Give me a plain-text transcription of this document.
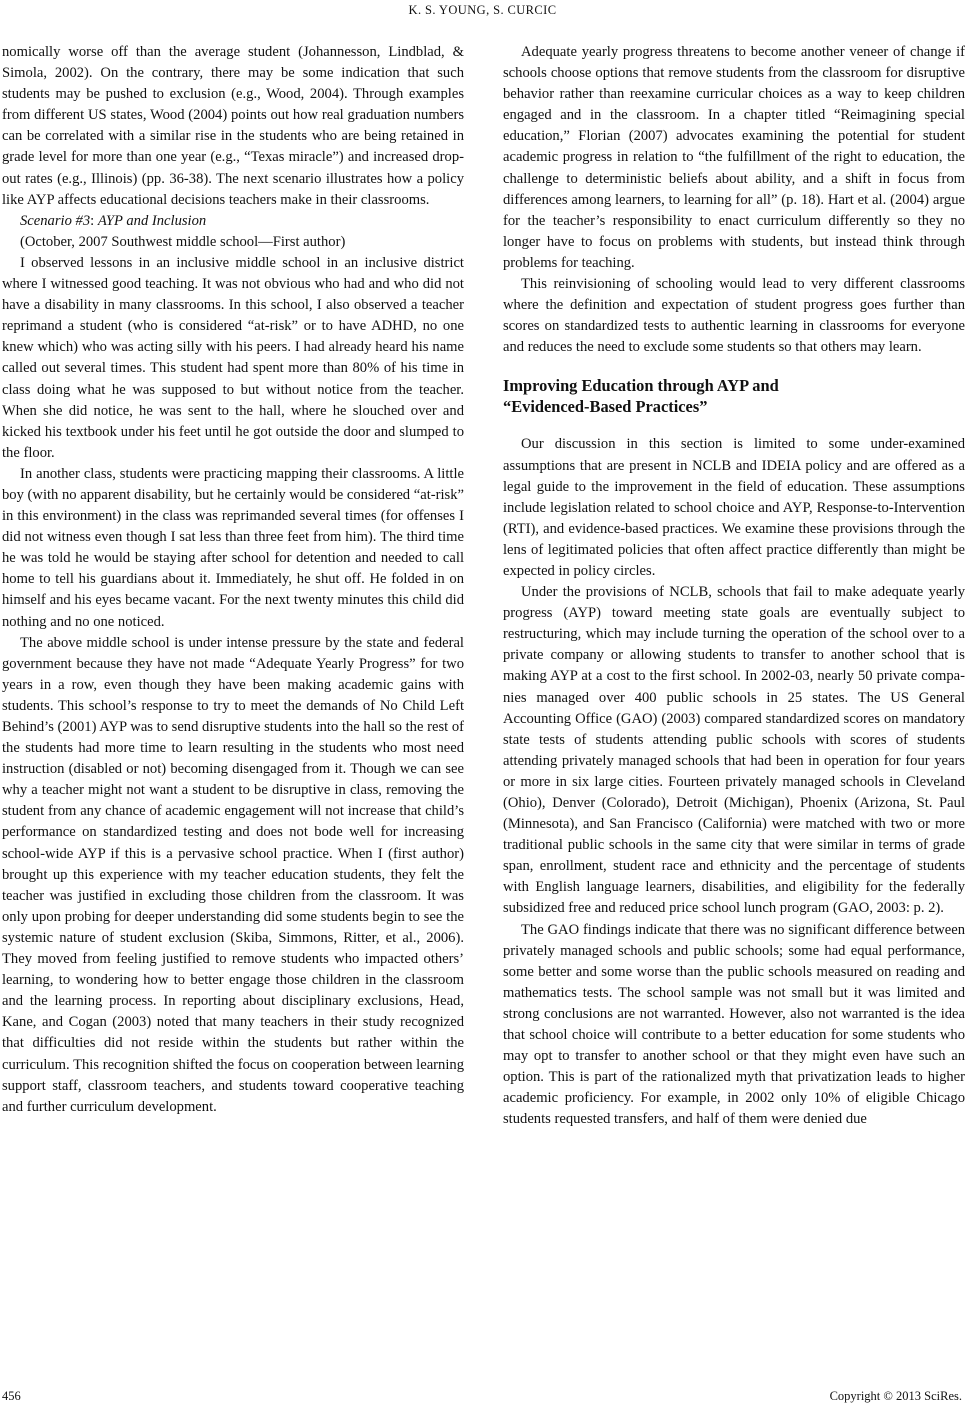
K. S. YOUNG, S. CURCIC

nomically worse off than the average student (Johannesson, Lindblad, & Simola, 2002). On the contrary, there may be some indication that such students may be pushed to exclusion (e.g., Wood, 2004). Through examples from different US states, Wood (2004) points out how real graduation numbers can be correlated with a similar rise in the students who are being retained in grade level for more than one year (e.g., “Texas miracle”) and increased drop-out rates (e.g., Illinois) (pp. 36-38). The next scenario illustrates how a policy like AYP affects educational decisions teachers make in their classrooms.

Scenario #3: AYP and Inclusion

(October, 2007 Southwest middle school—First author)

I observed lessons in an inclusive middle school in an inclusive district where I witnessed good teaching. It was not obvious who had and who did not have a disability in many classrooms. In this school, I also observed a teacher reprimand a student (who is considered “at-risk” or to have ADHD, no one knew which) who was acting silly with his peers. I had already heard his name called out several times. This student had spent more than 80% of his time in class doing what he was supposed to but without notice from the teacher. When she did notice, he was sent to the hall, where he slouched over and kicked his textbook under his feet until he got outside the door and slumped to the floor.

In another class, students were practicing mapping their classrooms. A little boy (with no apparent disability, but he certainly would be considered “at-risk” in this environment) in the class was reprimanded several times (for offenses I did not witness even though I sat less than three feet from him). The third time he was told he would be staying after school for detention and needed to call home to tell his guardians about it. Immediately, he shut off. He folded in on himself and his eyes became vacant. For the next twenty minutes this child did nothing and no one noticed.

The above middle school is under intense pressure by the state and federal government because they have not made “Adequate Yearly Progress” for two years in a row, even though they have been making academic gains with students. This school’s response to try to meet the demands of No Child Left Behind’s (2001) AYP was to send disruptive students into the hall so the rest of the students had more time to learn resulting in the students who most need instruction (disabled or not) becoming disengaged from it. Though we can see why a teacher might not want a student to be disruptive in class, removing the student from any chance of academic engagement will not increase that child’s performance on standardized testing and does not bode well for increasing school-wide AYP if this is a pervasive school practice. When I (first author) brought up this experience with my teacher education students, they felt the teacher was justified in excluding those children from the classroom. It was only upon probing for deeper understanding did some students begin to see the systemic nature of student exclusion (Skiba, Simmons, Ritter, et al., 2006). They moved from feeling justified to remove students who impacted others’ learning, to wondering how to better engage those children in the classroom and the learning process. In reporting about disciplinary exclusions, Head, Kane, and Cogan (2003) noted that many teachers in their study recognized that difficulties did not reside within the students but rather within the curriculum. This recognition shifted the focus on cooperation between learning support staff, classroom teachers, and students toward cooperative teaching and further curriculum development.

Adequate yearly progress threatens to become another veneer of change if schools choose options that remove students from the classroom for disruptive behavior rather than reexamine curricular choices as a way to keep children engaged and in the classroom. In a chapter titled “Reimagining special education,” Florian (2007) advocates examining the potential for student academic progress in relation to “the fulfillment of the right to education, the challenge to deterministic beliefs about ability, and a shift in focus from differences among learners, to learning for all” (p. 18). Hart et al. (2004) argue for the teacher’s responsibility to enact curriculum differently so they no longer have to focus on problems with students, but instead think through problems for teaching.

This reinvisioning of schooling would lead to very different classrooms where the definition and expectation of student progress goes further than scores on standardized tests to authentic learning in classrooms for everyone and reduces the need to exclude some students so that others may learn.

Improving Education through AYP and
“Evidenced-Based Practices”

Our discussion in this section is limited to some under-examined assumptions that are present in NCLB and IDEIA policy and are offered as a legal guide to the improvement in the field of education. These assumptions include legislation related to school choice and AYP, Response-to-Intervention (RTI), and evidence-based practices. We examine these provisions through the lens of legitimated policies that often affect practice differently than might be expected in policy circles.

Under the provisions of NCLB, schools that fail to make adequate yearly progress (AYP) toward meeting state goals are eventually subject to restructuring, which may include turning the operation of the school over to a private company or allowing students to transfer to another school that is making AYP at a cost to the first school. In 2002-03, nearly 50 private companies managed over 400 public schools in 25 states. The US General Accounting Office (GAO) (2003) compared standardized scores on mandatory state tests of students attending public schools with scores of students attending privately managed schools that had been in operation for four years or more in six large cities. Fourteen privately managed schools in Cleveland (Ohio), Denver (Colorado), Detroit (Michigan), Phoenix (Arizona, St. Paul (Minnesota), and San Francisco (California) were matched with two or more traditional public schools in the same city that were similar in terms of grade span, enrollment, student race and ethnicity and the percentage of students with English language learners, disabilities, and eligibility for the federally subsidized free and reduced price school lunch program (GAO, 2003: p. 2).

The GAO findings indicate that there was no significant difference between privately managed schools and public schools; some had equal performance, some better and some worse than the public schools measured on reading and mathematics tests. The school sample was not small but it was limited and strong conclusions are not warranted. However, also not warranted is the idea that school choice will contribute to a better education for some students who may opt to transfer to another school or that they might even have such an option. This is part of the rationalized myth that privatization leads to higher academic proficiency. For example, in 2002 only 10% of eligible Chicago students requested transfers, and half of them were denied due

456	Copyright © 2013 SciRes.
